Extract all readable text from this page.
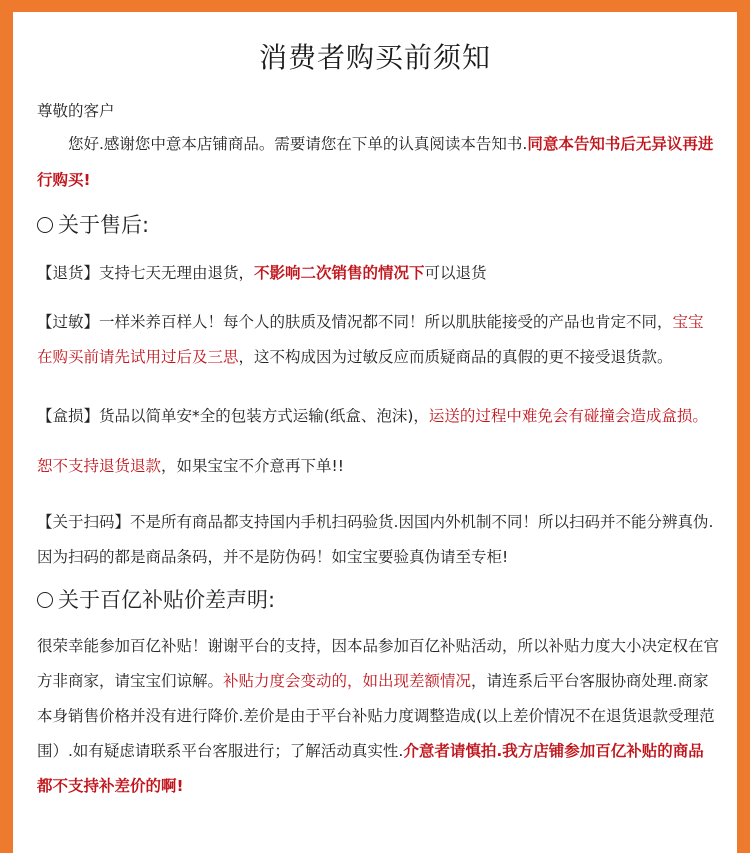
消费者购买前须知

尊敬的客户

您好.感谢您中意本店铺商品。需要请您在下单的认真阅读本告知书.同意本告知书后无异议再进行购买!

关于售后:

【退货】支持七天无理由退货，不影响二次销售的情况下可以退货

【过敏】一样米养百样人！每个人的肤质及情况都不同！所以肌肤能接受的产品也肯定不同，宝宝在购买前请先试用过后及三思，这不构成因为过敏反应而质疑商品的真假的更不接受退货款。

【盒损】货品以简单安*全的包装方式运输(纸盒、泡沫)，运送的过程中难免会有碰撞会造成盒损。恕不支持退货退款，如果宝宝不介意再下单!!

【关于扫码】不是所有商品都支持国内手机扫码验货.因国内外机制不同！所以扫码并不能分辨真伪.因为扫码的都是商品条码，并不是防伪码！如宝宝要验真伪请至专柜!

关于百亿补贴价差声明:

很荣幸能参加百亿补贴！谢谢平台的支持，因本品参加百亿补贴活动，所以补贴力度大小决定权在官方非商家，请宝宝们谅解。补贴力度会变动的，如出现差额情况，请连系后平台客服协商处理.商家本身销售价格并没有进行降价.差价是由于平台补贴力度调整造成(以上差价情况不在退货退款受理范围）.如有疑虑请联系平台客服进行；了解活动真实性.介意者请慎拍.我方店铺参加百亿补贴的商品都不支持补差价的啊!
